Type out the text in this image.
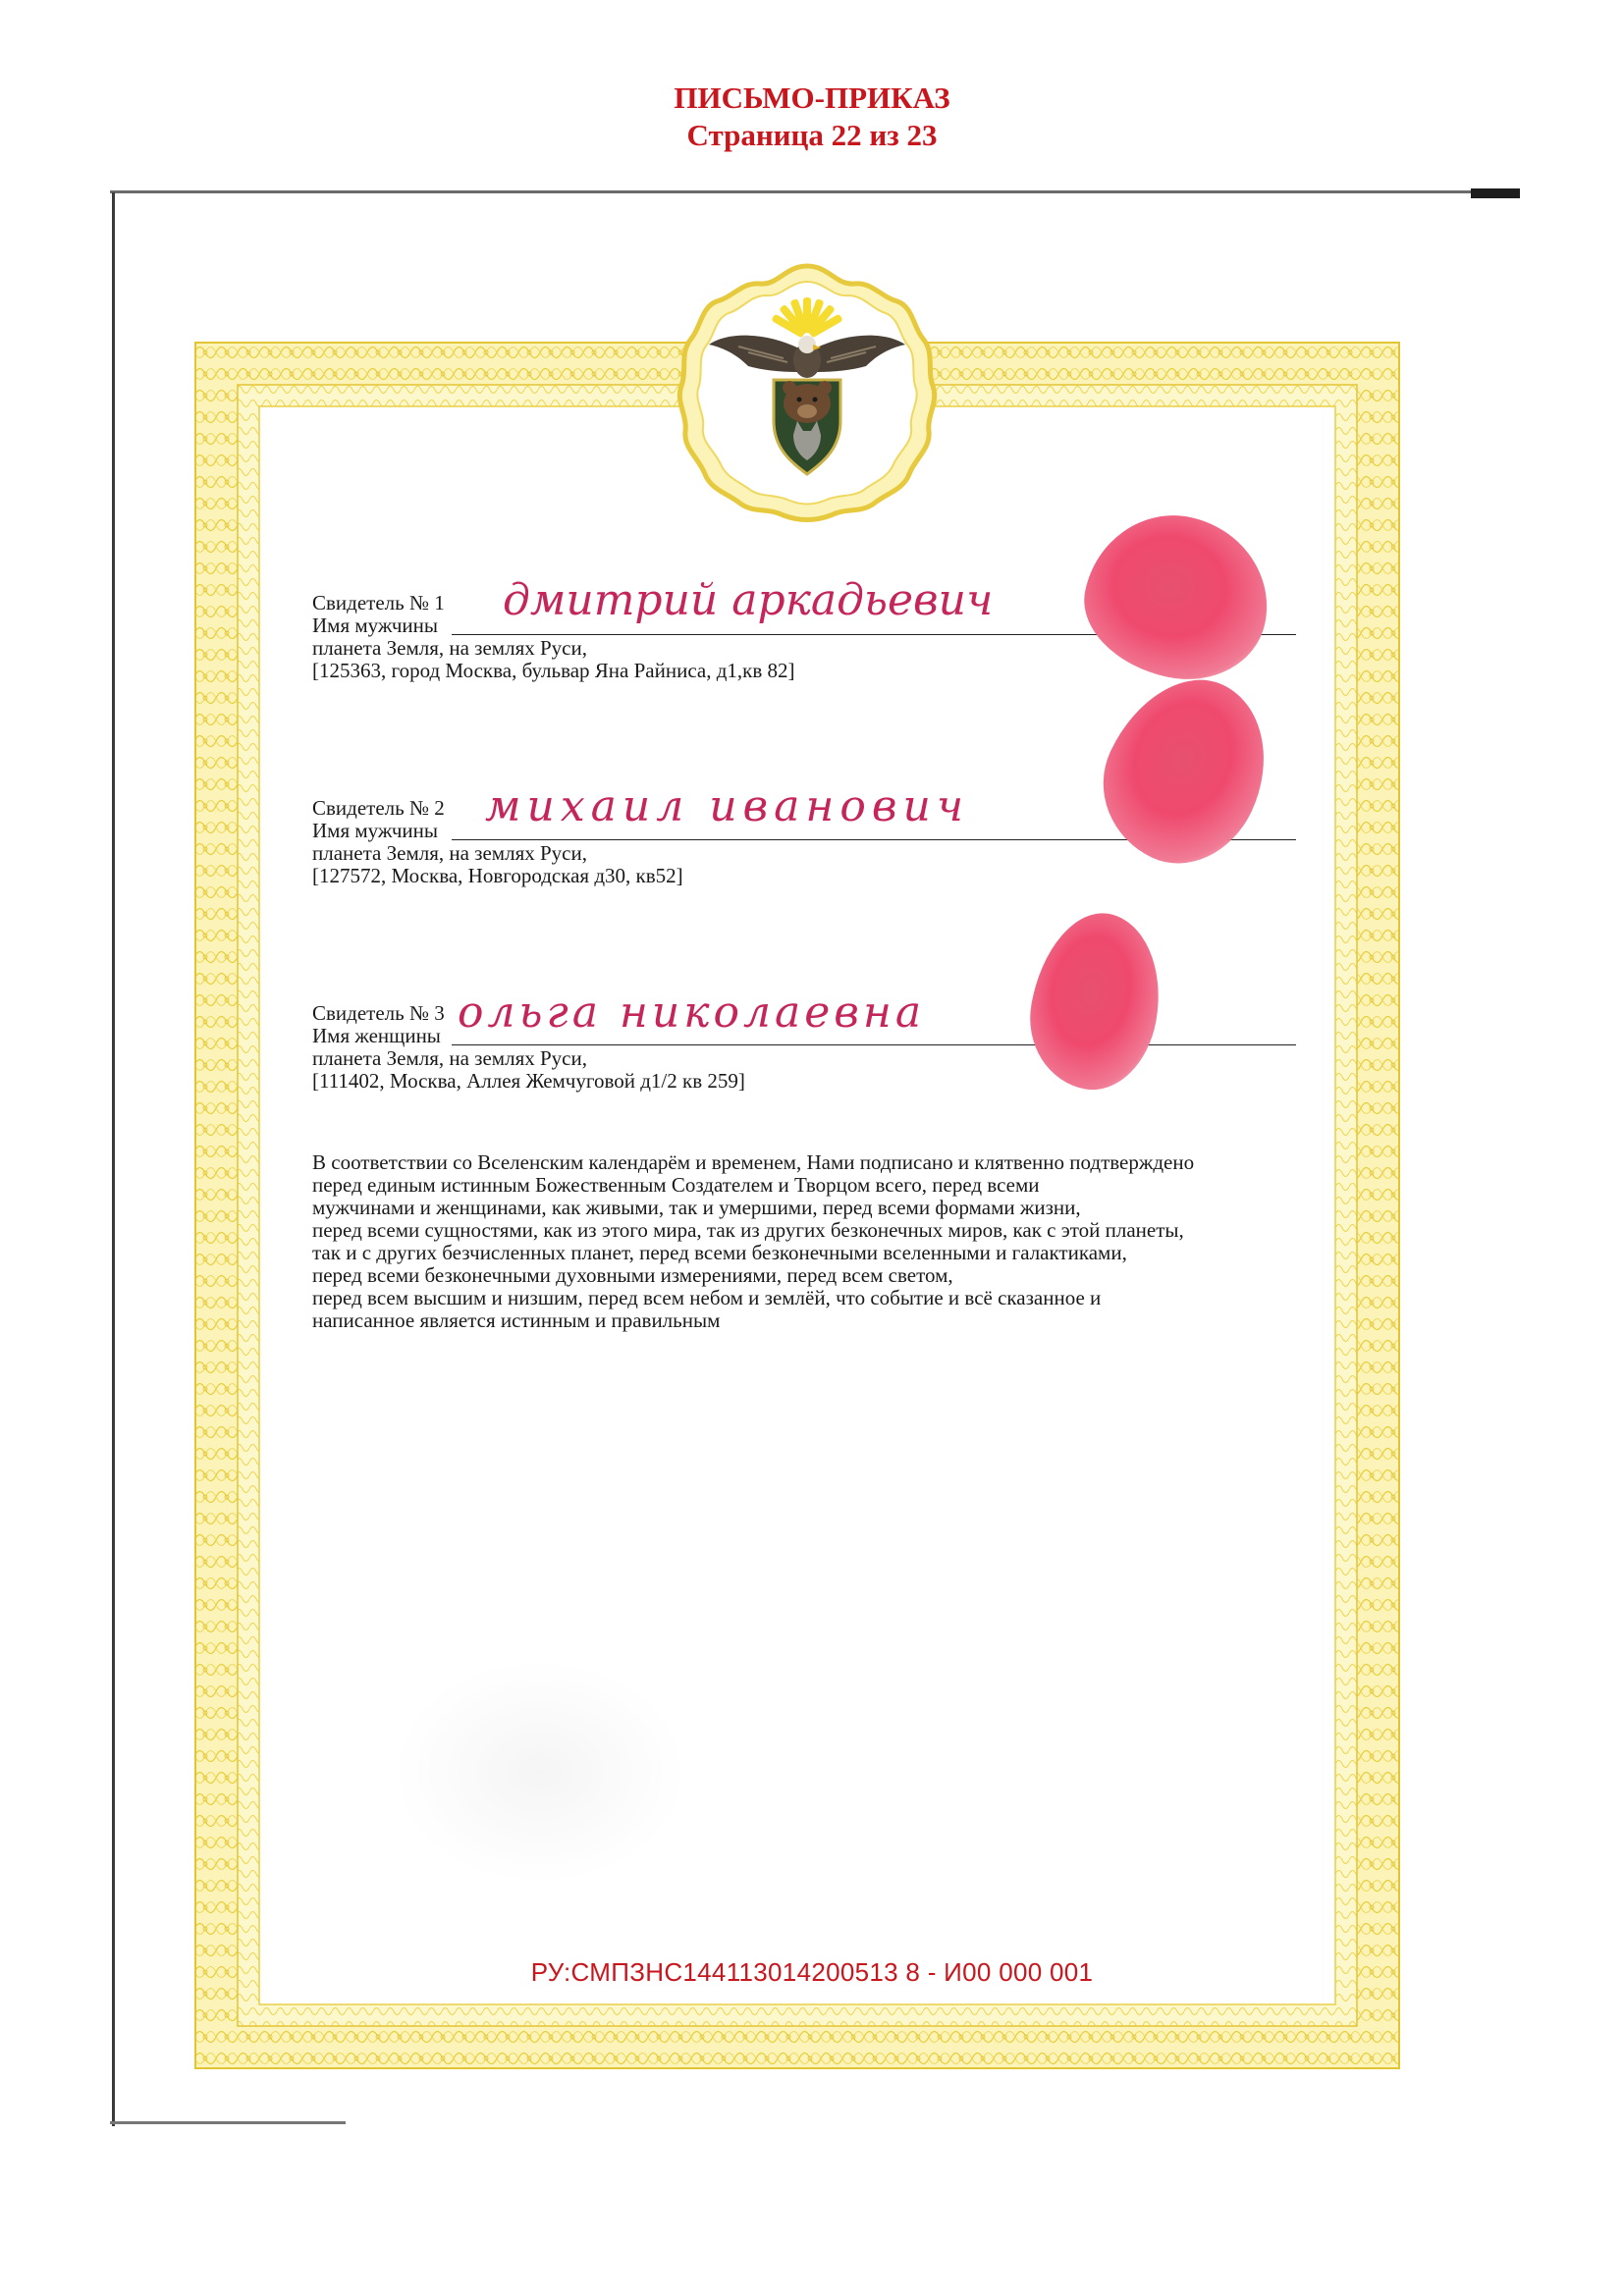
ПИСЬМО-ПРИКАЗ
Страница 22 из 23
Свидетель № 1
Имя мужчины
планета Земля, на землях Руси,
[125363, город Москва, бульвар Яна Райниса, д1,кв 82]
дмитрий аркадьевич
Свидетель № 2
Имя мужчины
планета Земля, на землях Руси,
[127572, Москва, Новгородская д30, кв52]
михаил иванович
Свидетель № 3
Имя женщины
планета Земля, на землях Руси,
[111402, Москва, Аллея Жемчуговой д1/2 кв 259]
ольга николаевна

В соответствии со Вселенским календарём и временем, Нами подписано и клятвенно подтверждено

перед единым истинным Божественным Создателем и Творцом всего, перед всеми

мужчинами и женщинами, как живыми, так и умершими, перед всеми формами жизни,

перед всеми сущностями, как из этого мира, так из других безконечных миров, как с этой планеты,

так и с других безчисленных планет, перед всеми безконечными вселенными и галактиками,

перед всеми безконечными духовными измерениями, перед всем светом,

перед всем высшим и низшим, перед всем небом и землёй, что событие и всё сказанное и

написанное является истинным и правильным

РУ:СМПЗНС144113014200513 8 - И00 000 001
